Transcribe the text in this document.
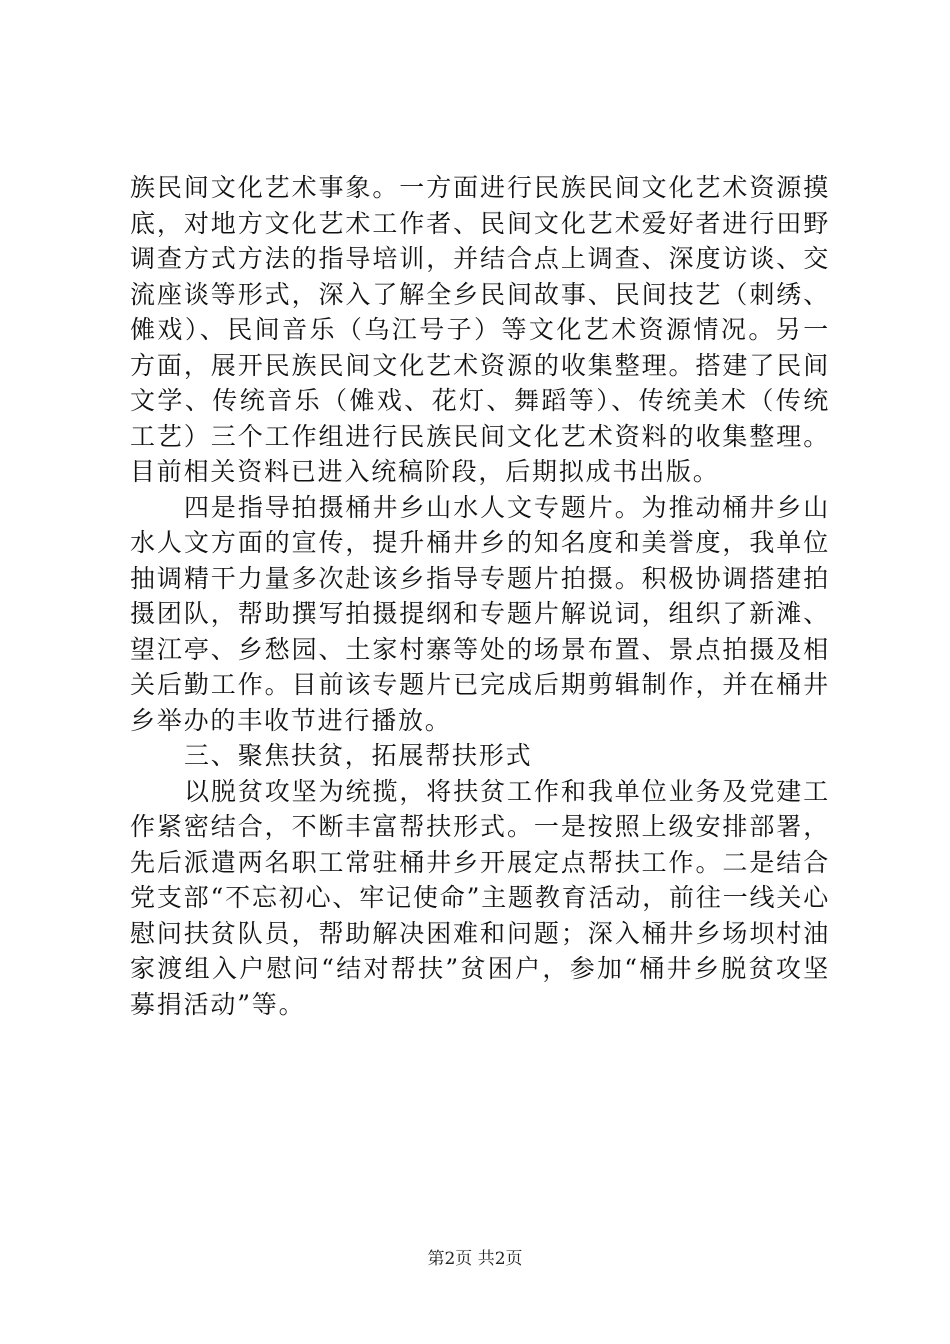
族民间文化艺术事象。一方面进行民族民间文化艺术资源摸底，对地方文化艺术工作者、民间文化艺术爱好者进行田野调查方式方法的指导培训，并结合点上调查、深度访谈、交流座谈等形式，深入了解全乡民间故事、民间技艺（刺绣、傩戏）、民间音乐（乌江号子）等文化艺术资源情况。另一方面，展开民族民间文化艺术资源的收集整理。搭建了民间文学、传统音乐（傩戏、花灯、舞蹈等）、传统美术（传统工艺）三个工作组进行民族民间文化艺术资料的收集整理。目前相关资料已进入统稿阶段，后期拟成书出版。

四是指导拍摄桶井乡山水人文专题片。为推动桶井乡山水人文方面的宣传，提升桶井乡的知名度和美誉度，我单位抽调精干力量多次赴该乡指导专题片拍摄。积极协调搭建拍摄团队，帮助撰写拍摄提纲和专题片解说词，组织了新滩、望江亭、乡愁园、土家村寨等处的场景布置、景点拍摄及相关后勤工作。目前该专题片已完成后期剪辑制作，并在桶井乡举办的丰收节进行播放。

三、聚焦扶贫，拓展帮扶形式

以脱贫攻坚为统揽，将扶贫工作和我单位业务及党建工作紧密结合，不断丰富帮扶形式。一是按照上级安排部署，先后派遣两名职工常驻桶井乡开展定点帮扶工作。二是结合党支部“不忘初心、牢记使命”主题教育活动，前往一线关心慰问扶贫队员，帮助解决困难和问题；深入桶井乡场坝村油家渡组入户慰问“结对帮扶”贫困户，参加“桶井乡脱贫攻坚募捐活动”等。

第2页 共2页
